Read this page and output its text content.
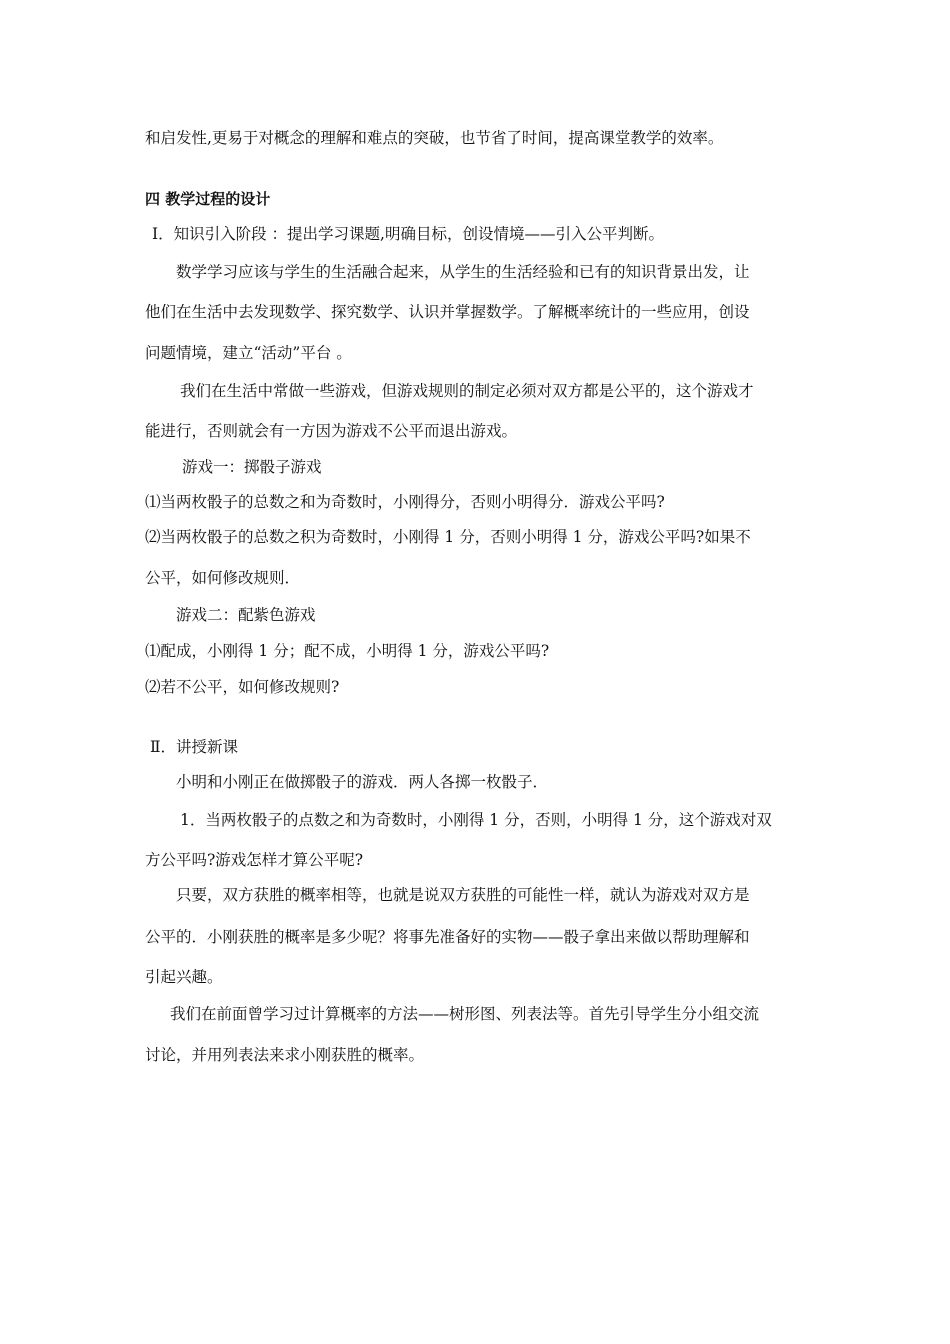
和启发性,更易于对概念的理解和难点的突破，也节省了时间，提高课堂教学的效率。
四 教学过程的设计
Ⅰ．知识引入阶段 ：提出学习课题,明确目标，创设情境——引入公平判断。
数学学习应该与学生的生活融合起来，从学生的生活经验和已有的知识背景出发，让
他们在生活中去发现数学、探究数学、认识并掌握数学。了解概率统计的一些应用，创设
问题情境，建立“活动”平台 。
我们在生活中常做一些游戏，但游戏规则的制定必须对双方都是公平的，这个游戏才
能进行，否则就会有一方因为游戏不公平而退出游戏。
游戏一：掷骰子游戏
⑴当两枚骰子的总数之和为奇数时，小刚得分，否则小明得分．游戏公平吗?
⑵当两枚骰子的总数之积为奇数时，小刚得 1 分，否则小明得 1 分，游戏公平吗?如果不
公平，如何修改规则．
游戏二：配紫色游戏
⑴配成，小刚得 1 分；配不成，小明得 1 分，游戏公平吗?
⑵若不公平，如何修改规则?
Ⅱ．讲授新课
小明和小刚正在做掷骰子的游戏．两人各掷一枚骰子．
1．当两枚骰子的点数之和为奇数时，小刚得 1 分，否则，小明得 1 分，这个游戏对双
方公平吗?游戏怎样才算公平呢?
只要，双方获胜的概率相等，也就是说双方获胜的可能性一样，就认为游戏对双方是
公平的．小刚获胜的概率是多少呢？将事先准备好的实物——骰子拿出来做以帮助理解和
引起兴趣。
我们在前面曾学习过计算概率的方法——树形图、列表法等。首先引导学生分小组交流
讨论，并用列表法来求小刚获胜的概率。
